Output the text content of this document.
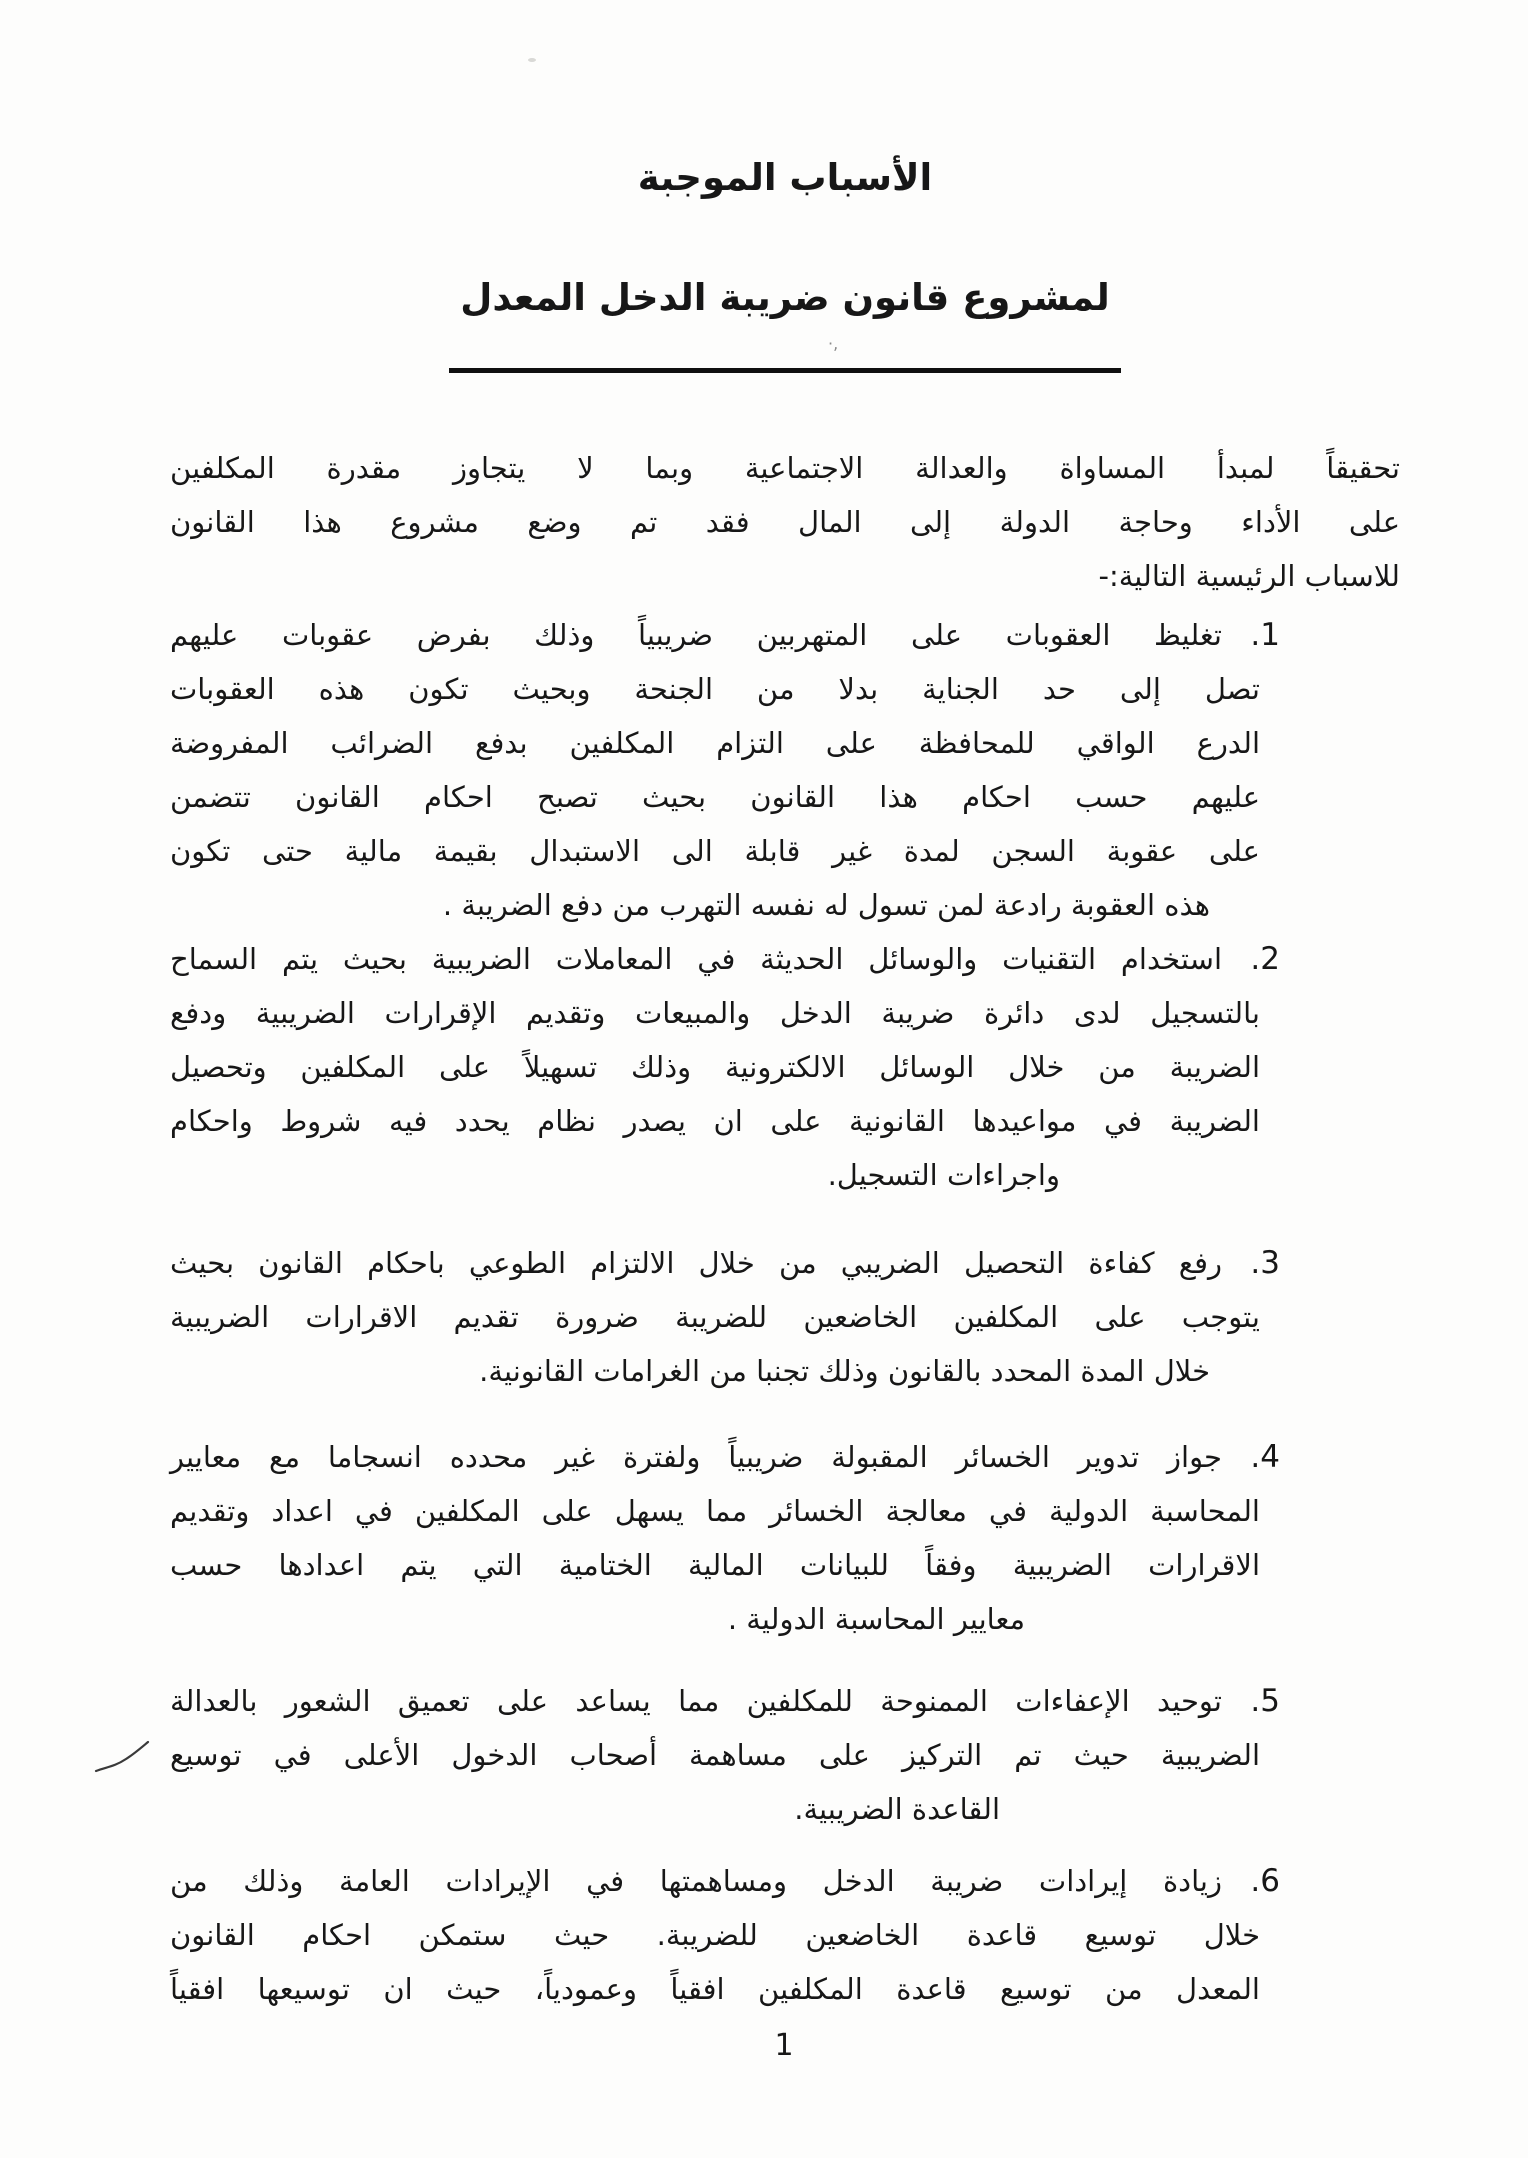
الأسباب الموجبة
لمشروع قانون ضريبة الدخل المعدل
تحقيقاً لمبدأ المساواة والعدالة الاجتماعية وبما لا يتجاوز مقدرة المكلفين
على الأداء وحاجة الدولة إلى المال فقد تم وضع مشروع هذا القانون
للاسباب الرئيسية التالية:-
1.
تغليظ العقوبات على المتهربين ضريبياً وذلك بفرض عقوبات عليهم
تصل إلى حد الجناية بدلا من الجنحة وبحيث تكون هذه العقوبات
الدرع الواقي للمحافظة على التزام المكلفين بدفع الضرائب المفروضة
عليهم حسب احكام هذا القانون بحيث تصبح احكام القانون تتضمن
على عقوبة السجن لمدة غير قابلة الى الاستبدال بقيمة مالية حتى تكون
هذه العقوبة رادعة لمن تسول له نفسه التهرب من دفع الضريبة .
2.
استخدام التقنيات والوسائل الحديثة في المعاملات الضريبية بحيث يتم السماح
بالتسجيل لدى دائرة ضريبة الدخل والمبيعات وتقديم الإقرارات الضريبية ودفع
الضريبة من خلال الوسائل الالكترونية وذلك تسهيلاً على المكلفين وتحصيل
الضريبة في مواعيدها القانونية على ان يصدر نظام يحدد فيه شروط واحكام
واجراءات التسجيل.
3.
رفع كفاءة التحصيل الضريبي من خلال الالتزام الطوعي باحكام القانون بحيث
يتوجب على المكلفين الخاضعين للضريبة ضرورة تقديم الاقرارات الضريبية
خلال المدة المحدد بالقانون وذلك تجنبا من الغرامات القانونية.
4.
جواز تدوير الخسائر المقبولة ضريبياً ولفترة غير محدده انسجاما مع معايير
المحاسبة الدولية في معالجة الخسائر مما يسهل على المكلفين في اعداد وتقديم
الاقرارات الضريبية وفقاً للبيانات المالية الختامية التي يتم اعدادها حسب
معايير المحاسبة الدولية .
5.
توحيد الإعفاءات الممنوحة للمكلفين مما يساعد على تعميق الشعور بالعدالة
الضريبية حيث تم التركيز على مساهمة أصحاب الدخول الأعلى في توسيع
القاعدة الضريبية.
6.
زيادة إيرادات ضريبة الدخل ومساهمتها في الإيرادات العامة وذلك من
خلال توسيع قاعدة الخاضعين للضريبة. حيث ستمكن احكام القانون
المعدل من توسيع قاعدة المكلفين افقياً وعمودياً، حيث ان توسيعها افقياً
·,
1
